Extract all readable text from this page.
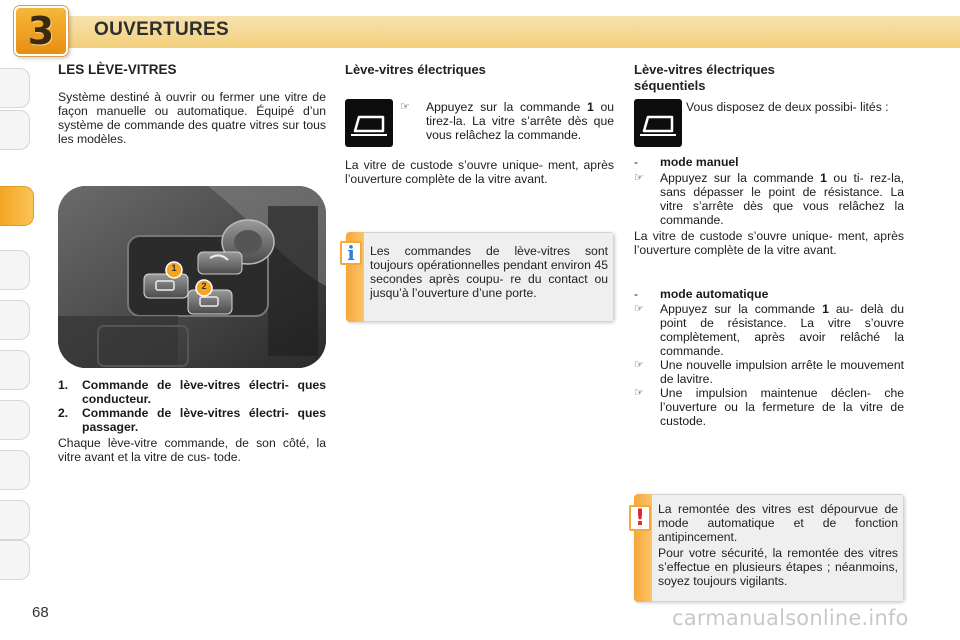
3 OUVERTURES
LES LÈVE-VITRES
Système destiné à ouvrir ou fermer une vitre de façon manuelle ou automatique. Équipé d’un système de commande des quatre vitres sur tous les modèles.
1
2
1. Commande de lève-vitres électri- ques conducteur.
2. Commande de lève-vitres électri- ques passager.
Chaque lève-vitre commande, de son côté, la vitre avant et la vitre de cus- tode.
Lève-vitres électriques
☞ Appuyez sur la commande 1 ou tirez-la. La vitre s’arrête dès que vous relâchez la commande.
La vitre de custode s’ouvre unique- ment, après l’ouverture complète de la vitre avant.
Les commandes de lève-vitres sont toujours opérationnelles pendant environ 45 secondes après coupu- re du contact ou jusqu’à l’ouverture d’une porte.
i
Lève-vitres électriques séquentiels
Vous disposez de deux possibi- lités :
- mode manuel
☞ Appuyez sur la commande 1 ou ti- rez-la, sans dépasser le point de résistance. La vitre s’arrête dès que vous relâchez la commande.
La vitre de custode s’ouvre unique- ment, après l’ouverture complète de la vitre avant.
- mode automatique
☞ Appuyez sur la commande 1 au- delà du point de résistance. La vitre s’ouvre complètement, après avoir relâché la commande.
☞ Une nouvelle impulsion arrête le mouvement de lavitre.
☞ Une impulsion maintenue déclen- che l’ouverture ou la fermeture de la vitre de custode.
La remontée des vitres est dépourvue de mode automatique et de fonction antipincement.
Pour votre sécurité, la remontée des vitres s’effectue en plusieurs étapes ; néanmoins, soyez toujours vigilants.
!
68	carmanualsonline.info
